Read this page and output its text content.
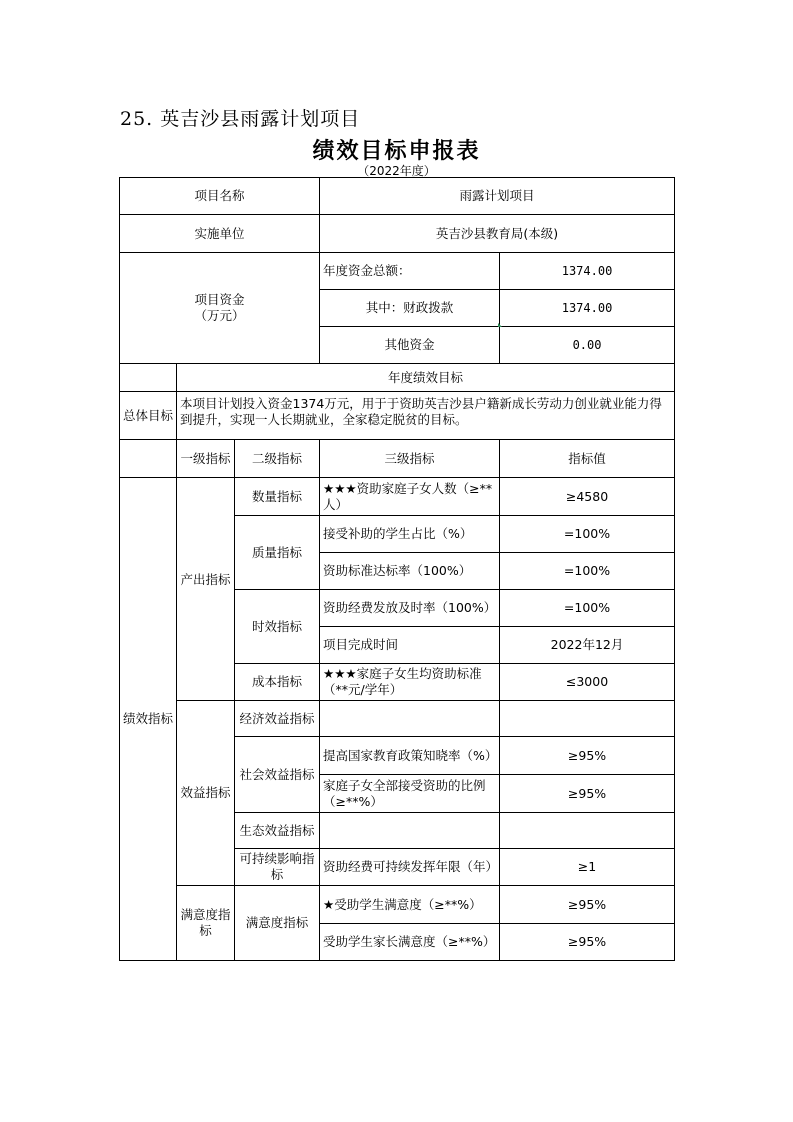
25. 英吉沙县雨露计划项目
绩效目标申报表
（2022年度）
项目名称			雨露计划项目	
实施单位			英吉沙县教育局(本级)	
项目资金
（万元）			年度资金总额：	1374.00
			其中：财政拨款	1374.00
			其他资金	0.00
	年度绩效目标			
总体目标	本项目计划投入资金1374万元，用于于资助英吉沙县户籍新成长劳动力创业就业能力得到提升，实现一人长期就业，全家稳定脱贫的目标。			
	一级指标	二级指标	三级指标	指标值
绩效指标	产出指标	数量指标	★★★资助家庭子女人数（≥**人）	≥4580
		质量指标	接受补助的学生占比（%）	=100%
			资助标准达标率（100%）	=100%
		时效指标	资助经费发放及时率（100%）	=100%
			项目完成时间	2022年12月
		成本指标	★★★家庭子女生均资助标准（**元/学年）	≤3000
	效益指标	经济效益指标		
		社会效益指标	提高国家教育政策知晓率（%）	≥95%
			家庭子女全部接受资助的比例（≥**%）	≥95%
		生态效益指标		
		可持续影响指标	资助经费可持续发挥年限（年）	≥1
	满意度指标	满意度指标	★受助学生满意度（≥**%）	≥95%
			受助学生家长满意度（≥**%）	≥95%
